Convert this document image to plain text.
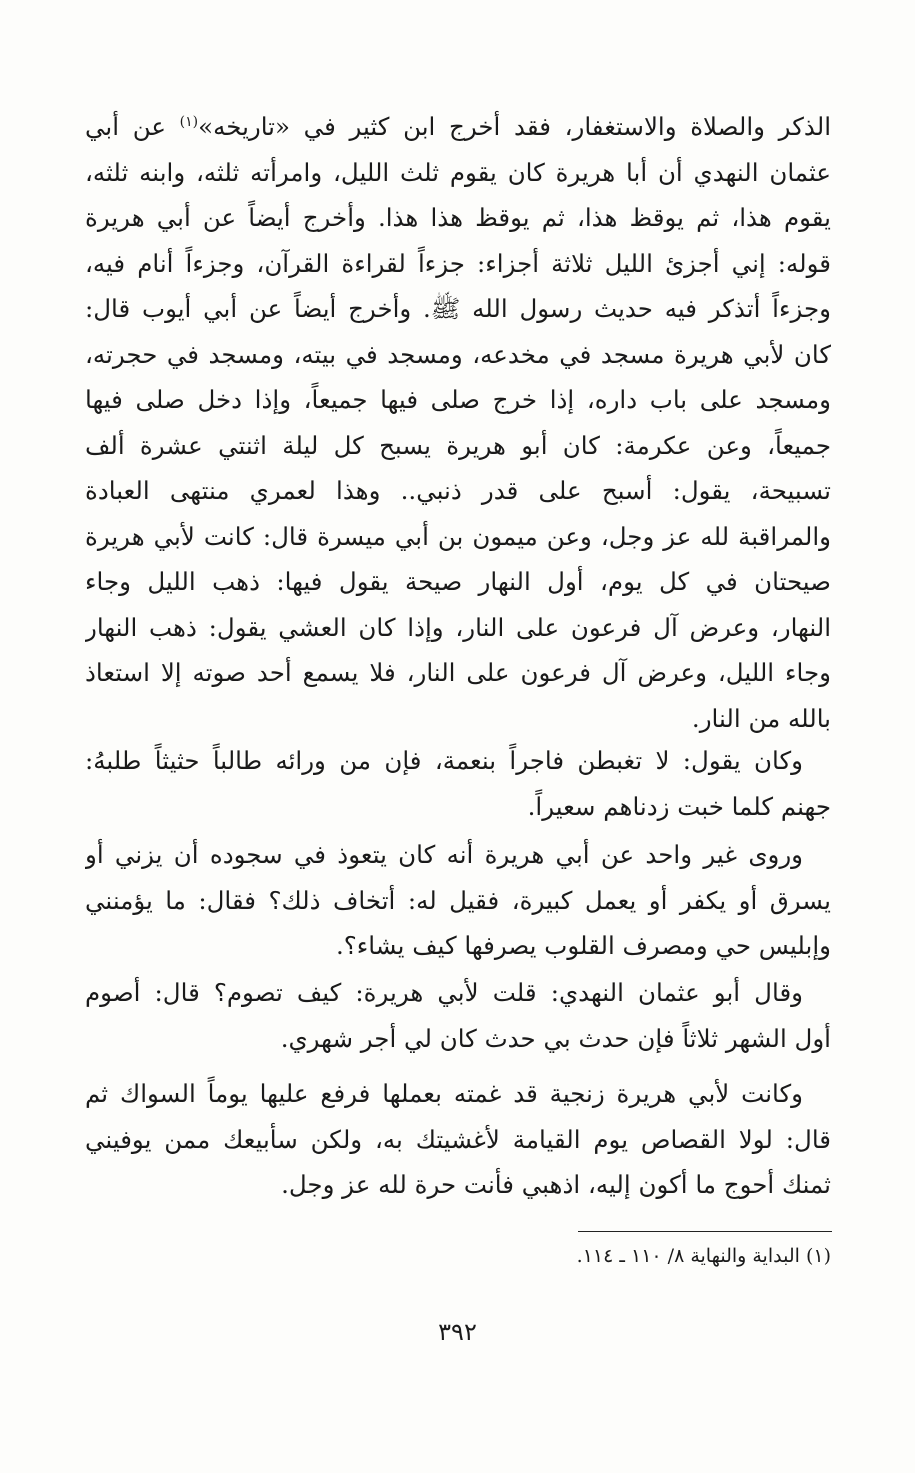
الذكر والصلاة والاستغفار، فقد أخرج ابن كثير في «تاريخه»$^{(١)}$ عن أبي
عثمان النهدي أن أبا هريرة كان يقوم ثلث الليل، وامرأته ثلثه، وابنه ثلثه،
يقوم هذا، ثم يوقظ هذا، ثم يوقظ هذا هذا. وأخرج أيضاً عن أبي هريرة
قوله: إني أجزئ الليل ثلاثة أجزاء: جزءاً لقراءة القرآن، وجزءاً أنام فيه،
وجزءاً أتذكر فيه حديث رسول الله ﷺ. وأخرج أيضاً عن أبي أيوب قال:
كان لأبي هريرة مسجد في مخدعه، ومسجد في بيته، ومسجد في حجرته،
ومسجد على باب داره، إذا خرج صلى فيها جميعاً، وإذا دخل صلى فيها
جميعاً، وعن عكرمة: كان أبو هريرة يسبح كل ليلة اثنتي عشرة ألف
تسبيحة، يقول: أسبح على قدر ذنبي.. وهذا لعمري منتهى العبادة
والمراقبة لله عز وجل، وعن ميمون بن أبي ميسرة قال: كانت لأبي هريرة
صيحتان في كل يوم، أول النهار صيحة يقول فيها: ذهب الليل وجاء
النهار، وعرض آل فرعون على النار، وإذا كان العشي يقول: ذهب النهار
وجاء الليل، وعرض آل فرعون على النار، فلا يسمع أحد صوته إلا استعاذ
بالله من النار.
وكان يقول: لا تغبطن فاجراً بنعمة، فإن من ورائه طالباً حثيثاً طلبهُ:
جهنم كلما خبت زدناهم سعيراً.
وروى غير واحد عن أبي هريرة أنه كان يتعوذ في سجوده أن يزني أو
يسرق أو يكفر أو يعمل كبيرة، فقيل له: أتخاف ذلك؟ فقال: ما يؤمنني
وإبليس حي ومصرف القلوب يصرفها كيف يشاء؟.
وقال أبو عثمان النهدي: قلت لأبي هريرة: كيف تصوم؟ قال: أصوم
أول الشهر ثلاثاً فإن حدث بي حدث كان لي أجر شهري.
وكانت لأبي هريرة زنجية قد غمته بعملها فرفع عليها يوماً السواك ثم
قال: لولا القصاص يوم القيامة لأغشيتك به، ولكن سأبيعك ممن يوفيني
ثمنك أحوج ما أكون إليه، اذهبي فأنت حرة لله عز وجل.
(١) البداية والنهاية ٨/ ١١٠ ـ ١١٤.
٣٩٢
